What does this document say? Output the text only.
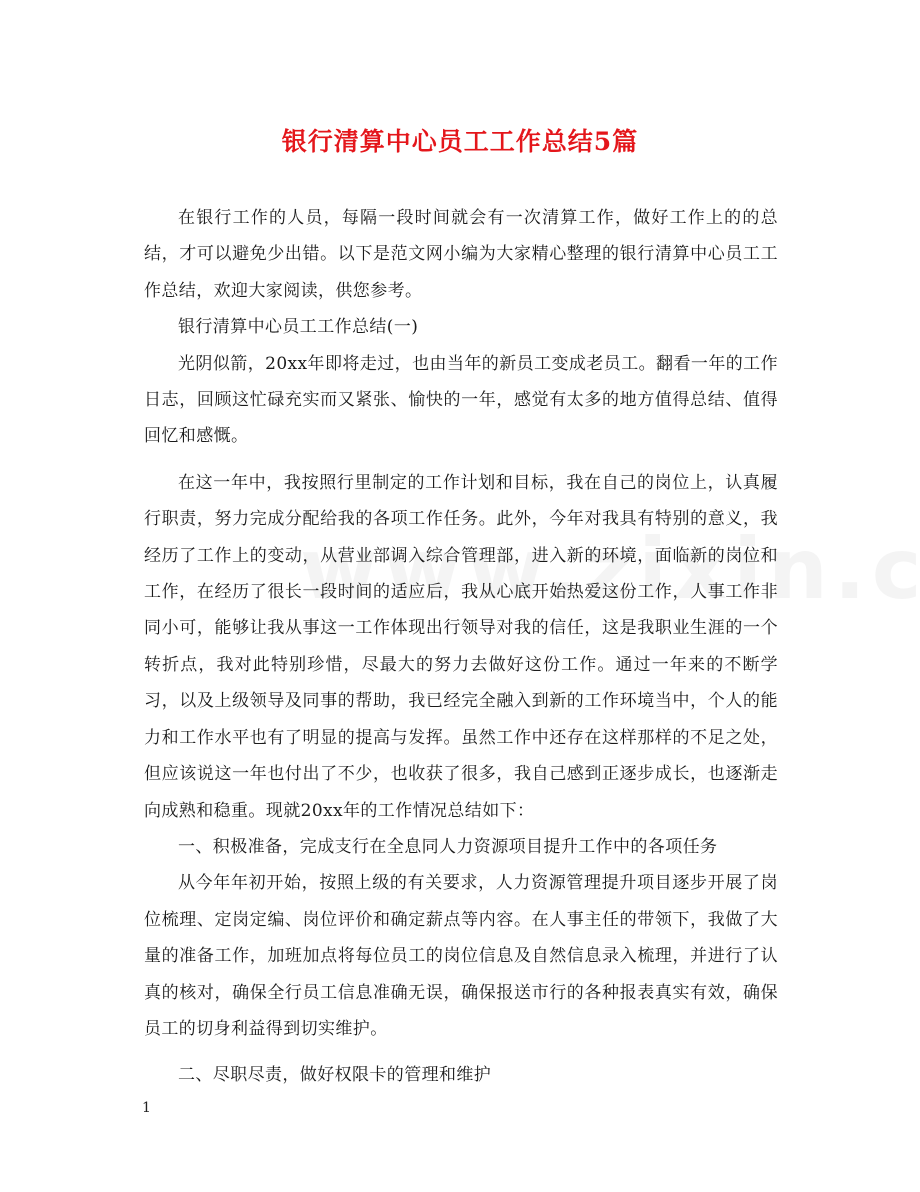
银行清算中心员工工作总结5篇

在银行工作的人员，每隔一段时间就会有一次清算工作，做好工作上的的总结，才可以避免少出错。以下是范文网小编为大家精心整理的银行清算中心员工工作总结，欢迎大家阅读，供您参考。

银行清算中心员工工作总结(一)

光阴似箭，20xx年即将走过，也由当年的新员工变成老员工。翻看一年的工作日志，回顾这忙碌充实而又紧张、愉快的一年，感觉有太多的地方值得总结、值得回忆和感慨。

在这一年中，我按照行里制定的工作计划和目标，我在自己的岗位上，认真履行职责，努力完成分配给我的各项工作任务。此外，今年对我具有特别的意义，我经历了工作上的变动，从营业部调入综合管理部，进入新的环境，面临新的岗位和工作，在经历了很长一段时间的适应后，我从心底开始热爱这份工作，人事工作非同小可，能够让我从事这一工作体现出行领导对我的信任，这是我职业生涯的一个转折点，我对此特别珍惜，尽最大的努力去做好这份工作。通过一年来的不断学习，以及上级领导及同事的帮助，我已经完全融入到新的工作环境当中，个人的能力和工作水平也有了明显的提高与发挥。虽然工作中还存在这样那样的不足之处，但应该说这一年也付出了不少，也收获了很多，我自己感到正逐步成长，也逐渐走向成熟和稳重。现就20xx年的工作情况总结如下：

一、积极准备，完成支行在全息同人力资源项目提升工作中的各项任务

从今年年初开始，按照上级的有关要求，人力资源管理提升项目逐步开展了岗位梳理、定岗定编、岗位评价和确定薪点等内容。在人事主任的带领下，我做了大量的准备工作，加班加点将每位员工的岗位信息及自然信息录入梳理，并进行了认真的核对，确保全行员工信息准确无误，确保报送市行的各种报表真实有效，确保员工的切身利益得到切实维护。

二、尽职尽责，做好权限卡的管理和维护

1
